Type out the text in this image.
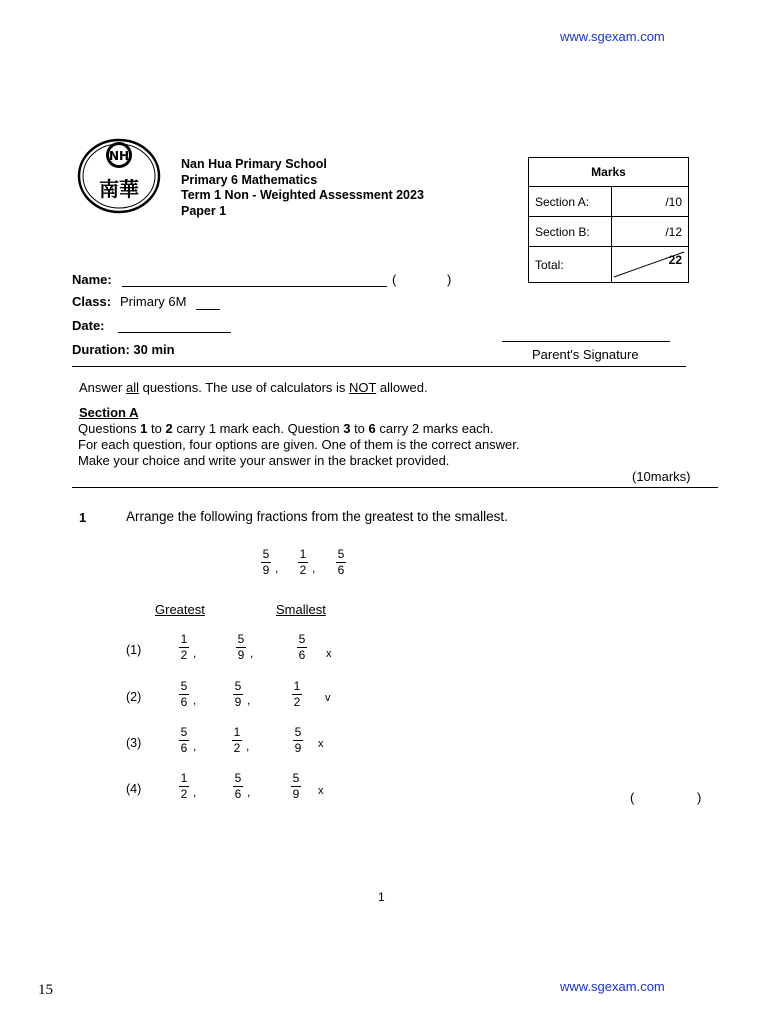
www.sgexam.com
NH
南華
Nan Hua Primary School
Primary 6 Mathematics
Term 1 Non - Weighted Assessment 2023
Paper 1
Marks	
Section A:	/10
Section B:	/12
Total:	22
Name:	(	)
Class: Primary 6M
Date:
Duration: 30 min	Parent's Signature
Answer all questions. The use of calculators is NOT allowed.
Section A
Questions 1 to 2 carry 1 mark each. Question 3 to 6 carry 2 marks each.
For each question, four options are given. One of them is the correct answer.
Make your choice and write your answer in the bracket provided.
(10marks)
1	Arrange the following fractions from the greatest to the smallest.
5
9 ,
1
2 ,
5
6
Greatest	Smallest
(1)
1
2 ,
5
9 ,
5
6	x
(2)
5
6 ,
5
9 ,
1
2	v
(3)
5
6 ,
1
2 ,
5
9	x
(4)
1
2 ,
5
6 ,
5
9	x	(	)
1
15	www.sgexam.com
